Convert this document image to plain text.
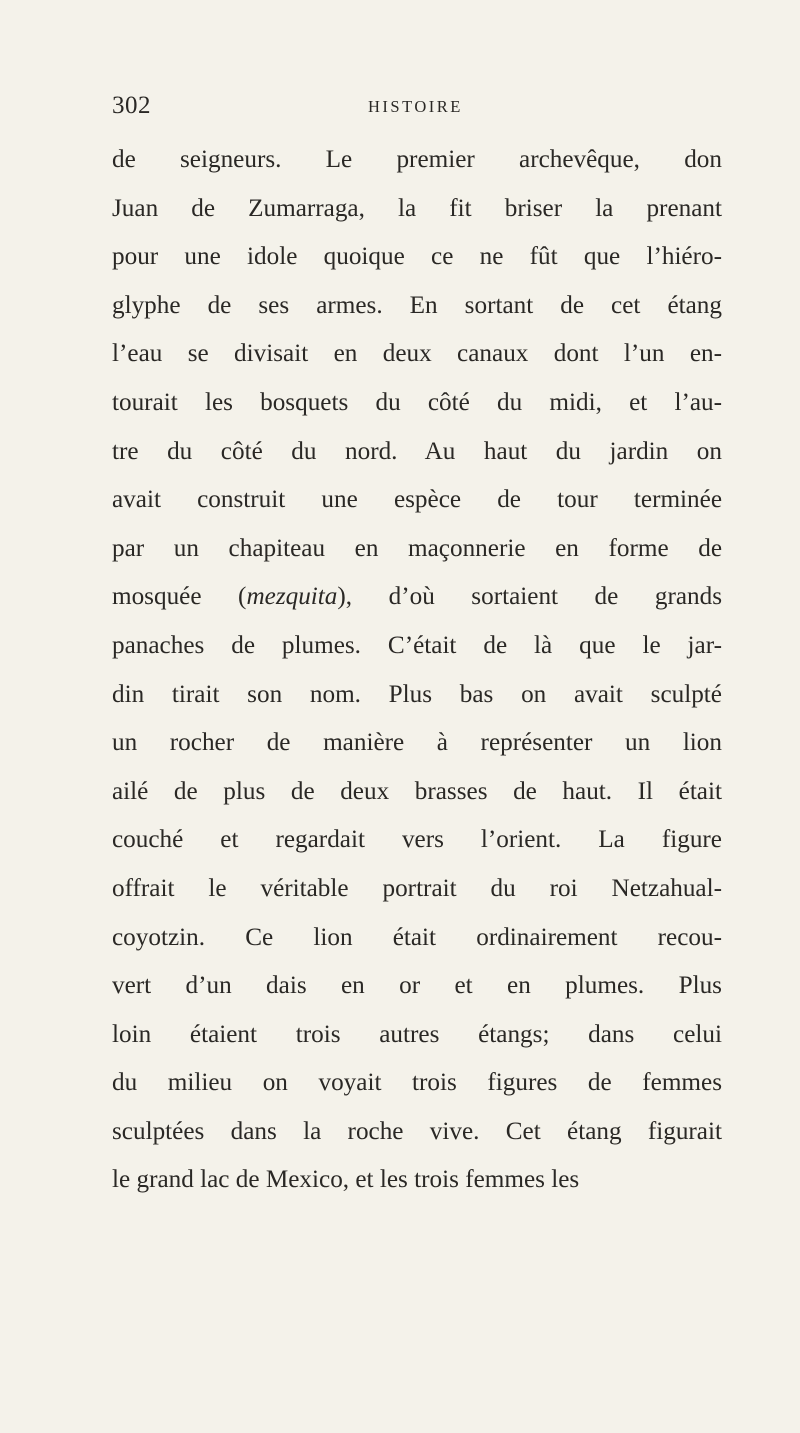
302	HISTOIRE
de seigneurs. Le premier archevêque, don
Juan de Zumarraga, la fit briser la prenant
pour une idole quoique ce ne fût que l’hiéro-
glyphe de ses armes. En sortant de cet étang
l’eau se divisait en deux canaux dont l’un en-
tourait les bosquets du côté du midi, et l’au-
tre du côté du nord. Au haut du jardin on
avait construit une espèce de tour terminée
par un chapiteau en maçonnerie en forme de
mosquée (mezquita), d’où sortaient de grands
panaches de plumes. C’était de là que le jar-
din tirait son nom. Plus bas on avait sculpté
un rocher de manière à représenter un lion
ailé de plus de deux brasses de haut. Il était
couché et regardait vers l’orient. La figure
offrait le véritable portrait du roi Netzahual-
coyotzin. Ce lion était ordinairement recou-
vert d’un dais en or et en plumes. Plus
loin étaient trois autres étangs; dans celui
du milieu on voyait trois figures de femmes
sculptées dans la roche vive. Cet étang figurait
le grand lac de Mexico, et les trois femmes les
